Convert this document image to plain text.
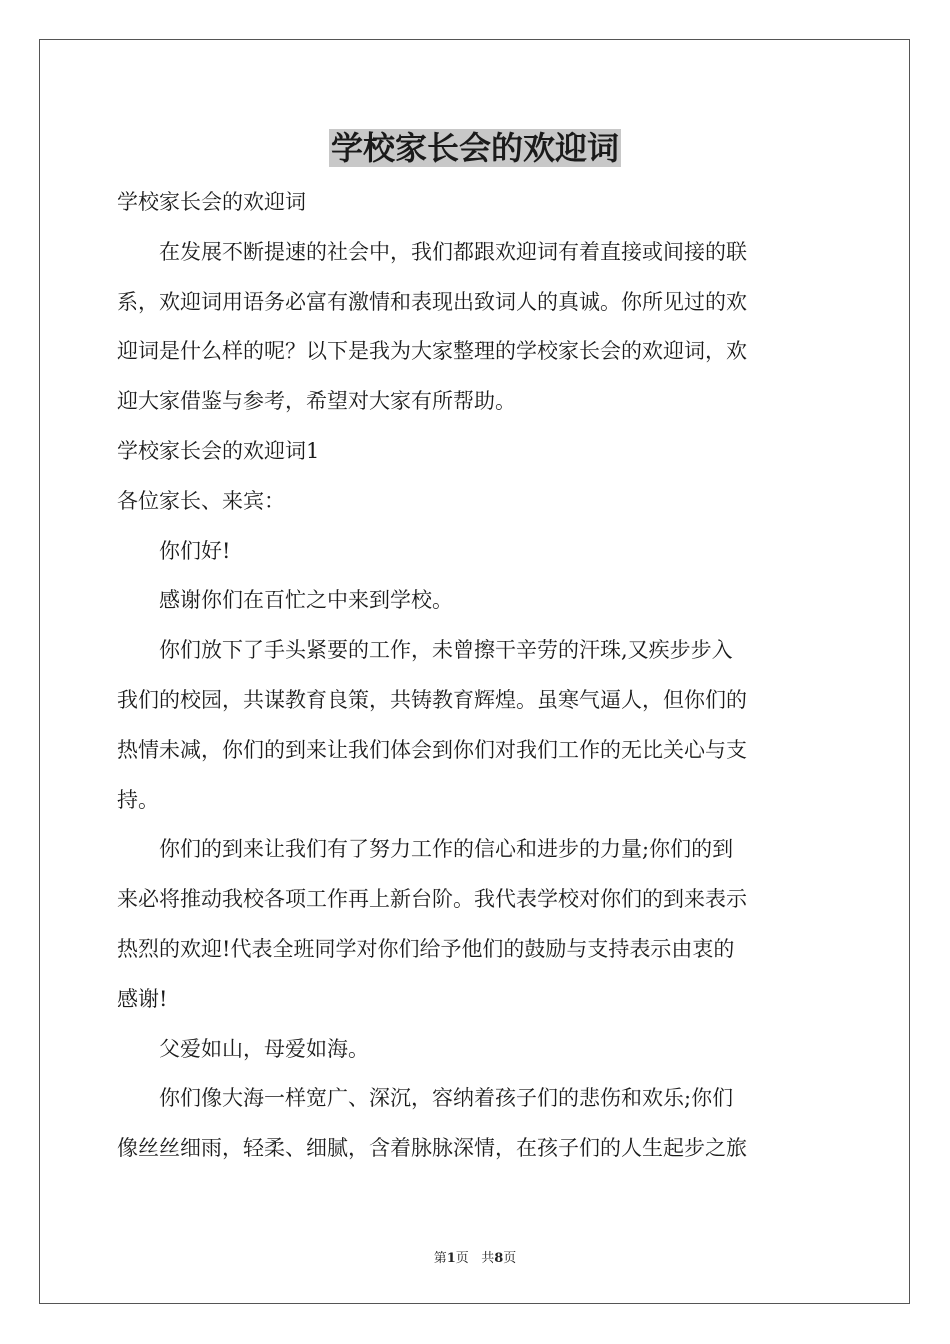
学校家长会的欢迎词
学校家长会的欢迎词
在发展不断提速的社会中，我们都跟欢迎词有着直接或间接的联
系，欢迎词用语务必富有激情和表现出致词人的真诚。你所见过的欢
迎词是什么样的呢？以下是我为大家整理的学校家长会的欢迎词，欢
迎大家借鉴与参考，希望对大家有所帮助。
学校家长会的欢迎词1
各位家长、来宾：
你们好!
感谢你们在百忙之中来到学校。
你们放下了手头紧要的工作，未曾擦干辛劳的汗珠,又疾步步入
我们的校园，共谋教育良策，共铸教育辉煌。虽寒气逼人，但你们的
热情未减，你们的到来让我们体会到你们对我们工作的无比关心与支
持。
你们的到来让我们有了努力工作的信心和进步的力量;你们的到
来必将推动我校各项工作再上新台阶。我代表学校对你们的到来表示
热烈的欢迎!代表全班同学对你们给予他们的鼓励与支持表示由衷的
感谢!
父爱如山，母爱如海。
你们像大海一样宽广、深沉，容纳着孩子们的悲伤和欢乐;你们
像丝丝细雨，轻柔、细腻，含着脉脉深情，在孩子们的人生起步之旅
第1页 共8页
